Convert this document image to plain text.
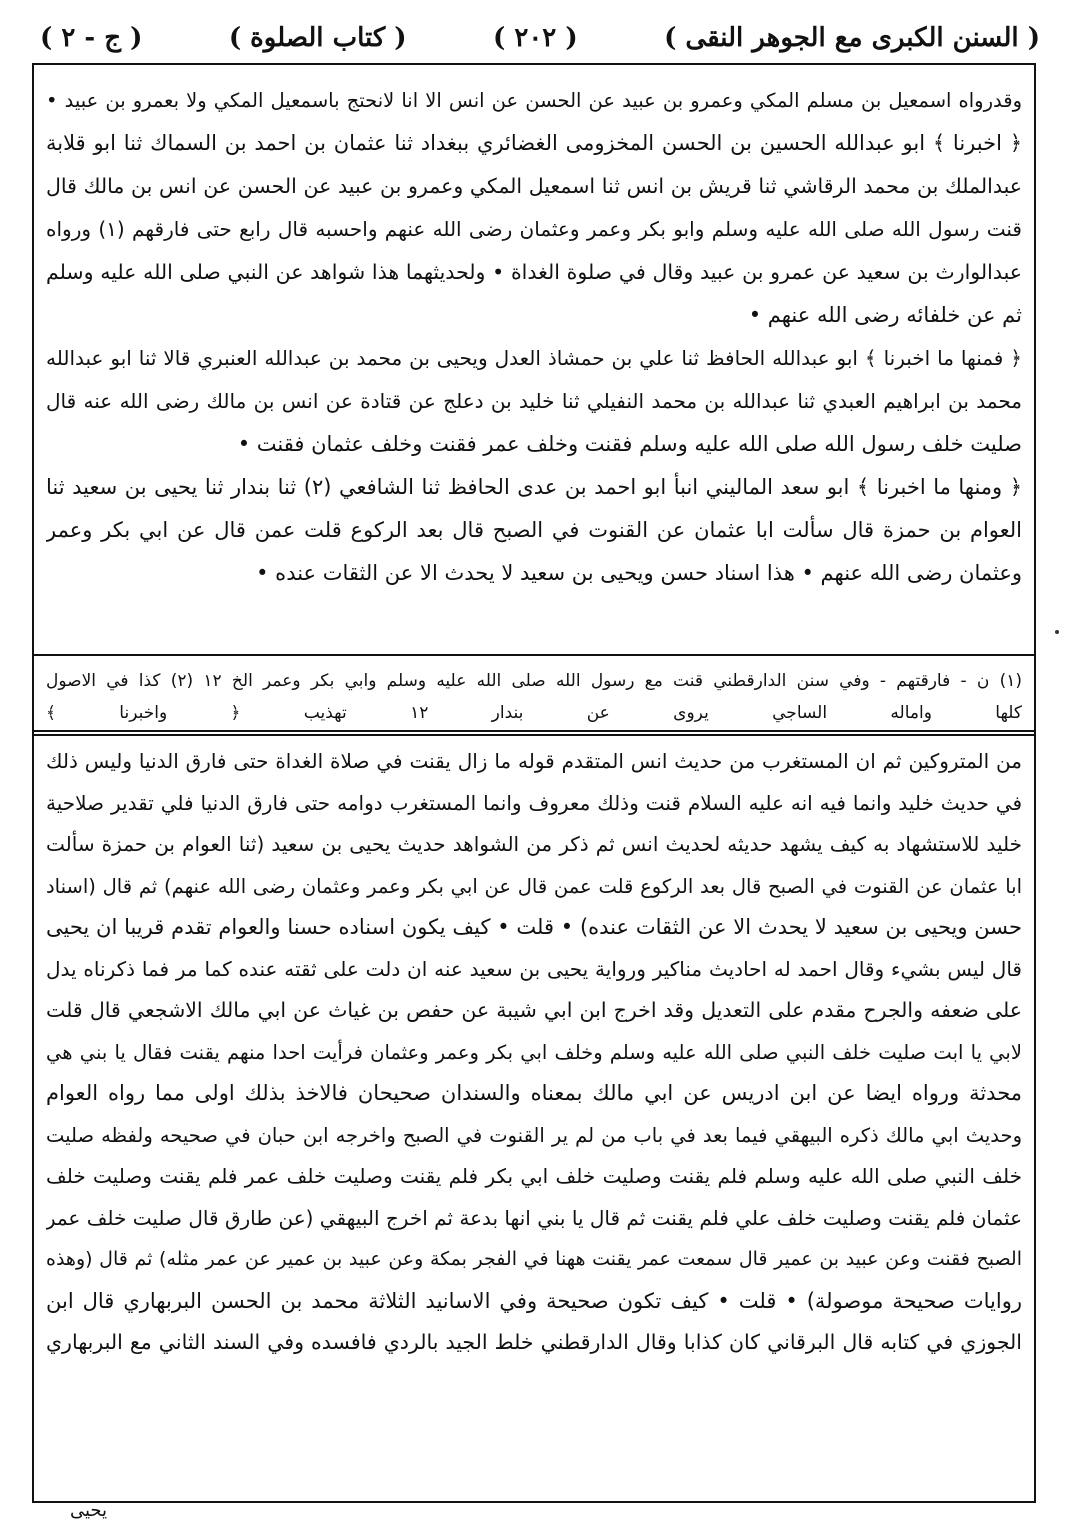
( السنن الكبرى مع الجوهر النقى )
( ٢٠٢ )
( كتاب الصلوة )
( ج - ٢ )
وقدرواه اسمعيل بن مسلم المكي وعمرو بن عبيد عن الحسن عن انس الا انا لانحتج باسمعيل المكي ولا بعمرو بن عبيد •
﴿ اخبرنا ﴾ ابو عبدالله الحسين بن الحسن المخزومى الغضائري ببغداد ثنا عثمان بن احمد بن السماك ثنا ابو قلابة
عبدالملك بن محمد الرقاشي ثنا قريش بن انس ثنا اسمعيل المكي وعمرو بن عبيد عن الحسن عن انس بن مالك قال
قنت رسول الله صلى الله عليه وسلم وابو بكر وعمر وعثمان رضى الله عنهم واحسبه قال رابع حتى فارقهم (١) ورواه
عبدالوارث بن سعيد عن عمرو بن عبيد وقال في صلوة الغداة • ولحديثهما هذا شواهد عن النبي صلى الله عليه وسلم
ثم عن خلفائه رضى الله عنهم •
﴿ فمنها ما اخبرنا ﴾ ابو عبدالله الحافظ ثنا علي بن حمشاذ العدل ويحيى بن محمد بن عبدالله العنبري قالا ثنا ابو عبدالله
محمد بن ابراهيم العبدي ثنا عبدالله بن محمد النفيلي ثنا خليد بن دعلج عن قتادة عن انس بن مالك رضى الله عنه قال
صليت خلف رسول الله صلى الله عليه وسلم فقنت وخلف عمر فقنت وخلف عثمان فقنت •
﴿ ومنها ما اخبرنا ﴾ ابو سعد الماليني انبأ ابو احمد بن عدى الحافظ ثنا الشافعي (٢) ثنا بندار ثنا يحيى بن سعيد ثنا
العوام بن حمزة قال سألت ابا عثمان عن القنوت في الصبح قال بعد الركوع قلت عمن قال عن ابي بكر وعمر
وعثمان رضى الله عنهم • هذا اسناد حسن ويحيى بن سعيد لا يحدث الا عن الثقات عنده •
(١) ن - فارقتهم - وفي سنن الدارقطني قنت مع رسول الله صلى الله عليه وسلم وابي بكر وعمر الخ ١٢ (٢) كذا في الاصول
كلها واماله الساجي يروى عن بندار ١٢ تهذيب ﴿ واخبرنا ﴾
من المتروكين ثم ان المستغرب من حديث انس المتقدم قوله ما زال يقنت في صلاة الغداة حتى فارق الدنيا وليس ذلك
في حديث خليد وانما فيه انه عليه السلام قنت وذلك معروف وانما المستغرب دوامه حتى فارق الدنيا فلي تقدير صلاحية
خليد للاستشهاد به كيف يشهد حديثه لحديث انس ثم ذكر من الشواهد حديث يحيى بن سعيد (ثنا العوام بن حمزة سألت
ابا عثمان عن القنوت في الصبح قال بعد الركوع قلت عمن قال عن ابي بكر وعمر وعثمان رضى الله عنهم) ثم قال (اسناد
حسن ويحيى بن سعيد لا يحدث الا عن الثقات عنده) • قلت • كيف يكون اسناده حسنا والعوام تقدم قريبا ان يحيى
قال ليس بشيء وقال احمد له احاديث مناكير ورواية يحيى بن سعيد عنه ان دلت على ثقته عنده كما مر فما ذكرناه يدل
على ضعفه والجرح مقدم على التعديل وقد اخرج ابن ابي شيبة عن حفص بن غياث عن ابي مالك الاشجعي قال قلت
لابي يا ابت صليت خلف النبي صلى الله عليه وسلم وخلف ابي بكر وعمر وعثمان فرأيت احدا منهم يقنت فقال يا بني هي
محدثة ورواه ايضا عن ابن ادريس عن ابي مالك بمعناه والسندان صحيحان فالاخذ بذلك اولى مما رواه العوام
وحديث ابي مالك ذكره البيهقي فيما بعد في باب من لم ير القنوت في الصبح واخرجه ابن حبان في صحيحه ولفظه صليت
خلف النبي صلى الله عليه وسلم فلم يقنت وصليت خلف ابي بكر فلم يقنت وصليت خلف عمر فلم يقنت وصليت خلف
عثمان فلم يقنت وصليت خلف علي فلم يقنت ثم قال يا بني انها بدعة ثم اخرج البيهقي (عن طارق قال صليت خلف عمر
الصبح فقنت وعن عبيد بن عمير قال سمعت عمر يقنت ههنا في الفجر بمكة وعن عبيد بن عمير عن عمر مثله) ثم قال (وهذه
روايات صحيحة موصولة) • قلت • كيف تكون صحيحة وفي الاسانيد الثلاثة محمد بن الحسن البربهاري قال ابن
الجوزي في كتابه قال البرقاني كان كذابا وقال الدارقطني خلط الجيد بالردي فافسده وفي السند الثاني مع البربهاري
يحيى
